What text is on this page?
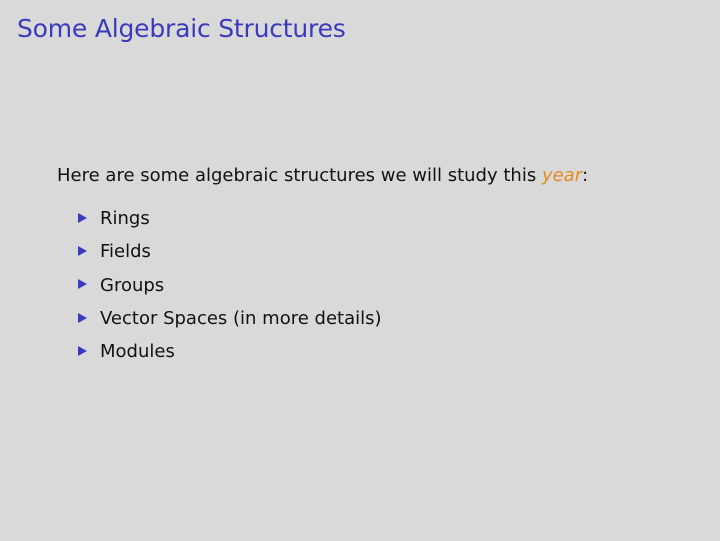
Some Algebraic Structures
Here are some algebraic structures we will study this year:
Rings
Fields
Groups
Vector Spaces (in more details)
Modules
